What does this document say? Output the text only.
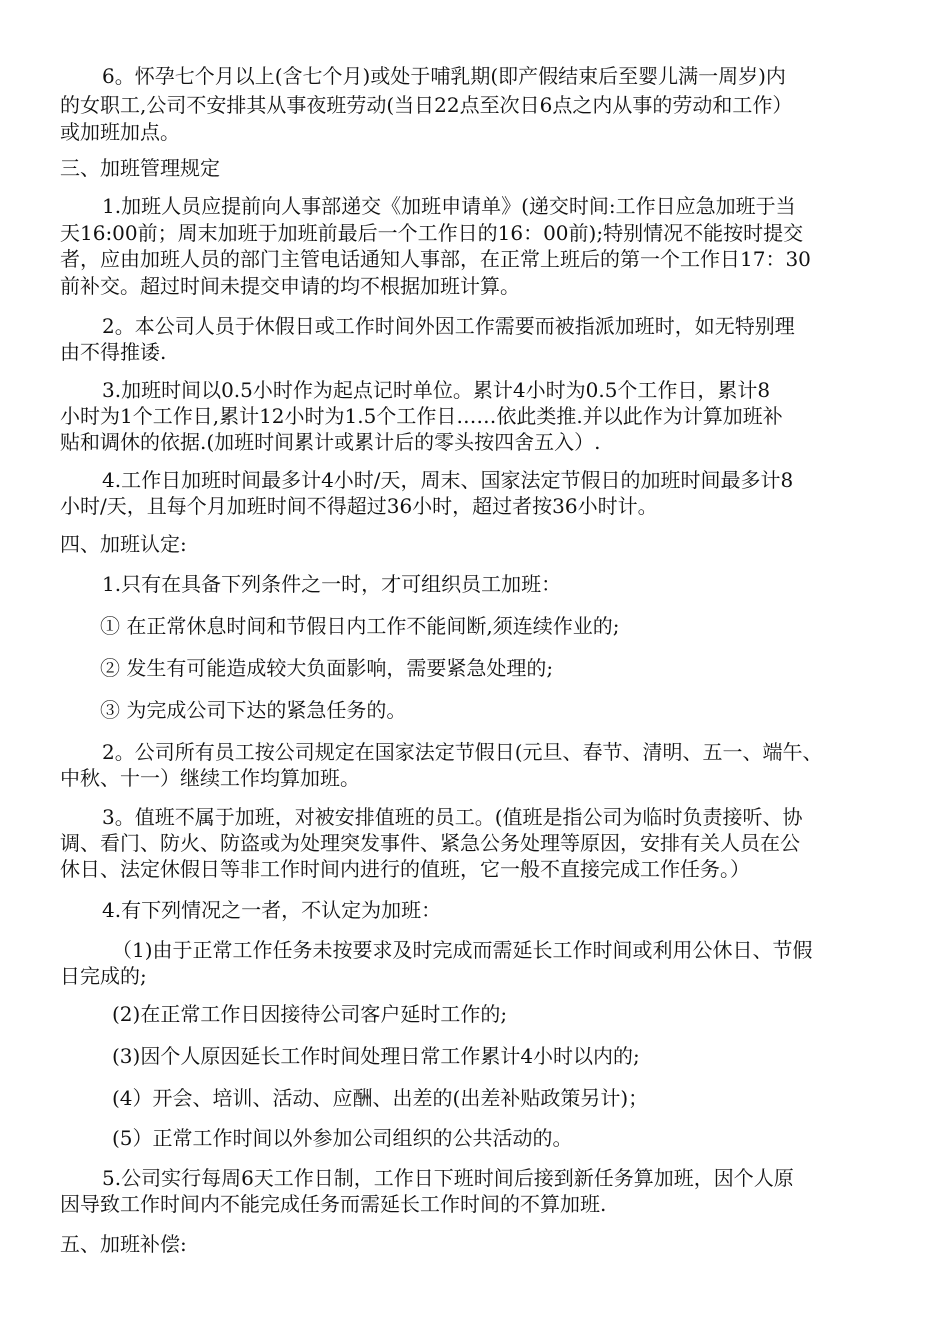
6。怀孕七个月以上(含七个月)或处于哺乳期(即产假结束后至婴儿满一周岁)内

的女职工,公司不安排其从事夜班劳动(当日22点至次日6点之内从事的劳动和工作）

或加班加点。

三、加班管理规定

1.加班人员应提前向人事部递交《加班申请单》(递交时间:工作日应急加班于当

天16:00前；周末加班于加班前最后一个工作日的16：00前);特别情况不能按时提交

者，应由加班人员的部门主管电话通知人事部，在正常上班后的第一个工作日17：30

前补交。超过时间未提交申请的均不根据加班计算。

2。本公司人员于休假日或工作时间外因工作需要而被指派加班时，如无特别理

由不得推诿.

3.加班时间以0.5小时作为起点记时单位。累计4小时为0.5个工作日，累计8

小时为1个工作日,累计12小时为1.5个工作日……依此类推.并以此作为计算加班补

贴和调休的依据.(加班时间累计或累计后的零头按四舍五入）.

4.工作日加班时间最多计4小时/天，周末、国家法定节假日的加班时间最多计8

小时/天，且每个月加班时间不得超过36小时，超过者按36小时计。

四、加班认定:

1.只有在具备下列条件之一时，才可组织员工加班：

① 在正常休息时间和节假日内工作不能间断,须连续作业的;

② 发生有可能造成较大负面影响，需要紧急处理的;

③ 为完成公司下达的紧急任务的。

2。公司所有员工按公司规定在国家法定节假日(元旦、春节、清明、五一、端午、

中秋、十一）继续工作均算加班。

3。值班不属于加班，对被安排值班的员工。(值班是指公司为临时负责接听、协

调、看门、防火、防盗或为处理突发事件、紧急公务处理等原因，安排有关人员在公

休日、法定休假日等非工作时间内进行的值班，它一般不直接完成工作任务。）

4.有下列情况之一者，不认定为加班：

（1)由于正常工作任务未按要求及时完成而需延长工作时间或利用公休日、节假

日完成的;

(2)在正常工作日因接待公司客户延时工作的;

(3)因个人原因延长工作时间处理日常工作累计4小时以内的;

(4）开会、培训、活动、应酬、出差的(出差补贴政策另计)；

(5）正常工作时间以外参加公司组织的公共活动的。

5.公司实行每周6天工作日制，工作日下班时间后接到新任务算加班，因个人原

因导致工作时间内不能完成任务而需延长工作时间的不算加班.

五、加班补偿:
